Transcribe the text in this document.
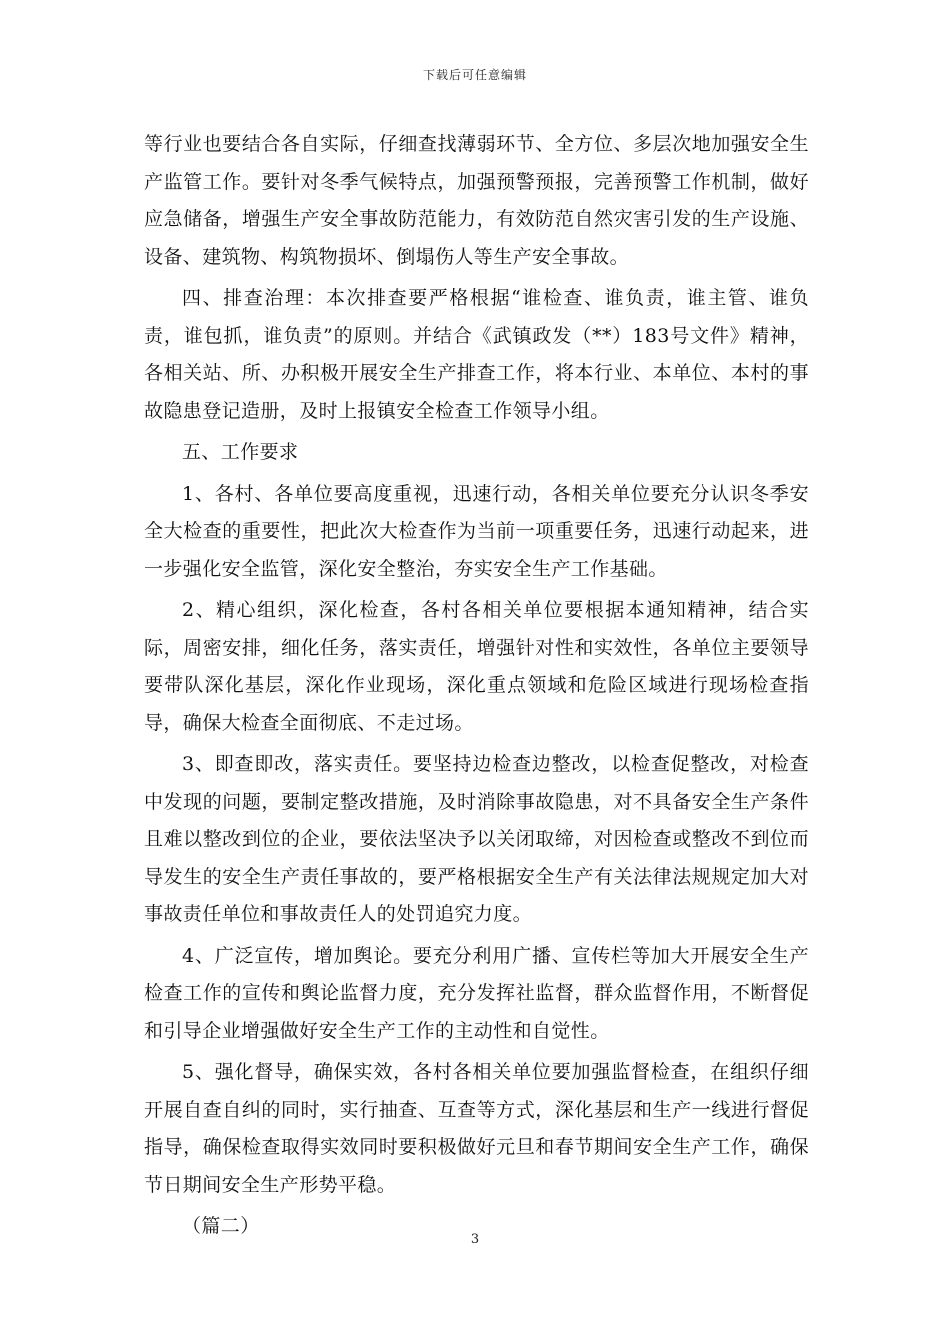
下载后可任意编辑

等行业也要结合各自实际，仔细查找薄弱环节、全方位、多层次地加强安全生产监管工作。要针对冬季气候特点，加强预警预报，完善预警工作机制，做好应急储备，增强生产安全事故防范能力，有效防范自然灾害引发的生产设施、设备、建筑物、构筑物损坏、倒塌伤人等生产安全事故。

四、排查治理：本次排查要严格根据“谁检查、谁负责，谁主管、谁负责，谁包抓，谁负责”的原则。并结合《武镇政发（**）183号文件》精神，各相关站、所、办积极开展安全生产排查工作，将本行业、本单位、本村的事故隐患登记造册，及时上报镇安全检查工作领导小组。

五、工作要求

1、各村、各单位要高度重视，迅速行动，各相关单位要充分认识冬季安全大检查的重要性，把此次大检查作为当前一项重要任务，迅速行动起来，进一步强化安全监管，深化安全整治，夯实安全生产工作基础。

2、精心组织，深化检查，各村各相关单位要根据本通知精神，结合实际，周密安排，细化任务，落实责任，增强针对性和实效性，各单位主要领导要带队深化基层，深化作业现场，深化重点领域和危险区域进行现场检查指导，确保大检查全面彻底、不走过场。

3、即查即改，落实责任。要坚持边检查边整改，以检查促整改，对检查中发现的问题，要制定整改措施，及时消除事故隐患，对不具备安全生产条件且难以整改到位的企业，要依法坚决予以关闭取缔，对因检查或整改不到位而导发生的安全生产责任事故的，要严格根据安全生产有关法律法规规定加大对事故责任单位和事故责任人的处罚追究力度。

4、广泛宣传，增加舆论。要充分利用广播、宣传栏等加大开展安全生产检查工作的宣传和舆论监督力度，充分发挥社监督，群众监督作用，不断督促和引导企业增强做好安全生产工作的主动性和自觉性。

5、强化督导，确保实效，各村各相关单位要加强监督检查，在组织仔细开展自查自纠的同时，实行抽查、互查等方式，深化基层和生产一线进行督促指导，确保检查取得实效同时要积极做好元旦和春节期间安全生产工作，确保节日期间安全生产形势平稳。

（篇二）

3
